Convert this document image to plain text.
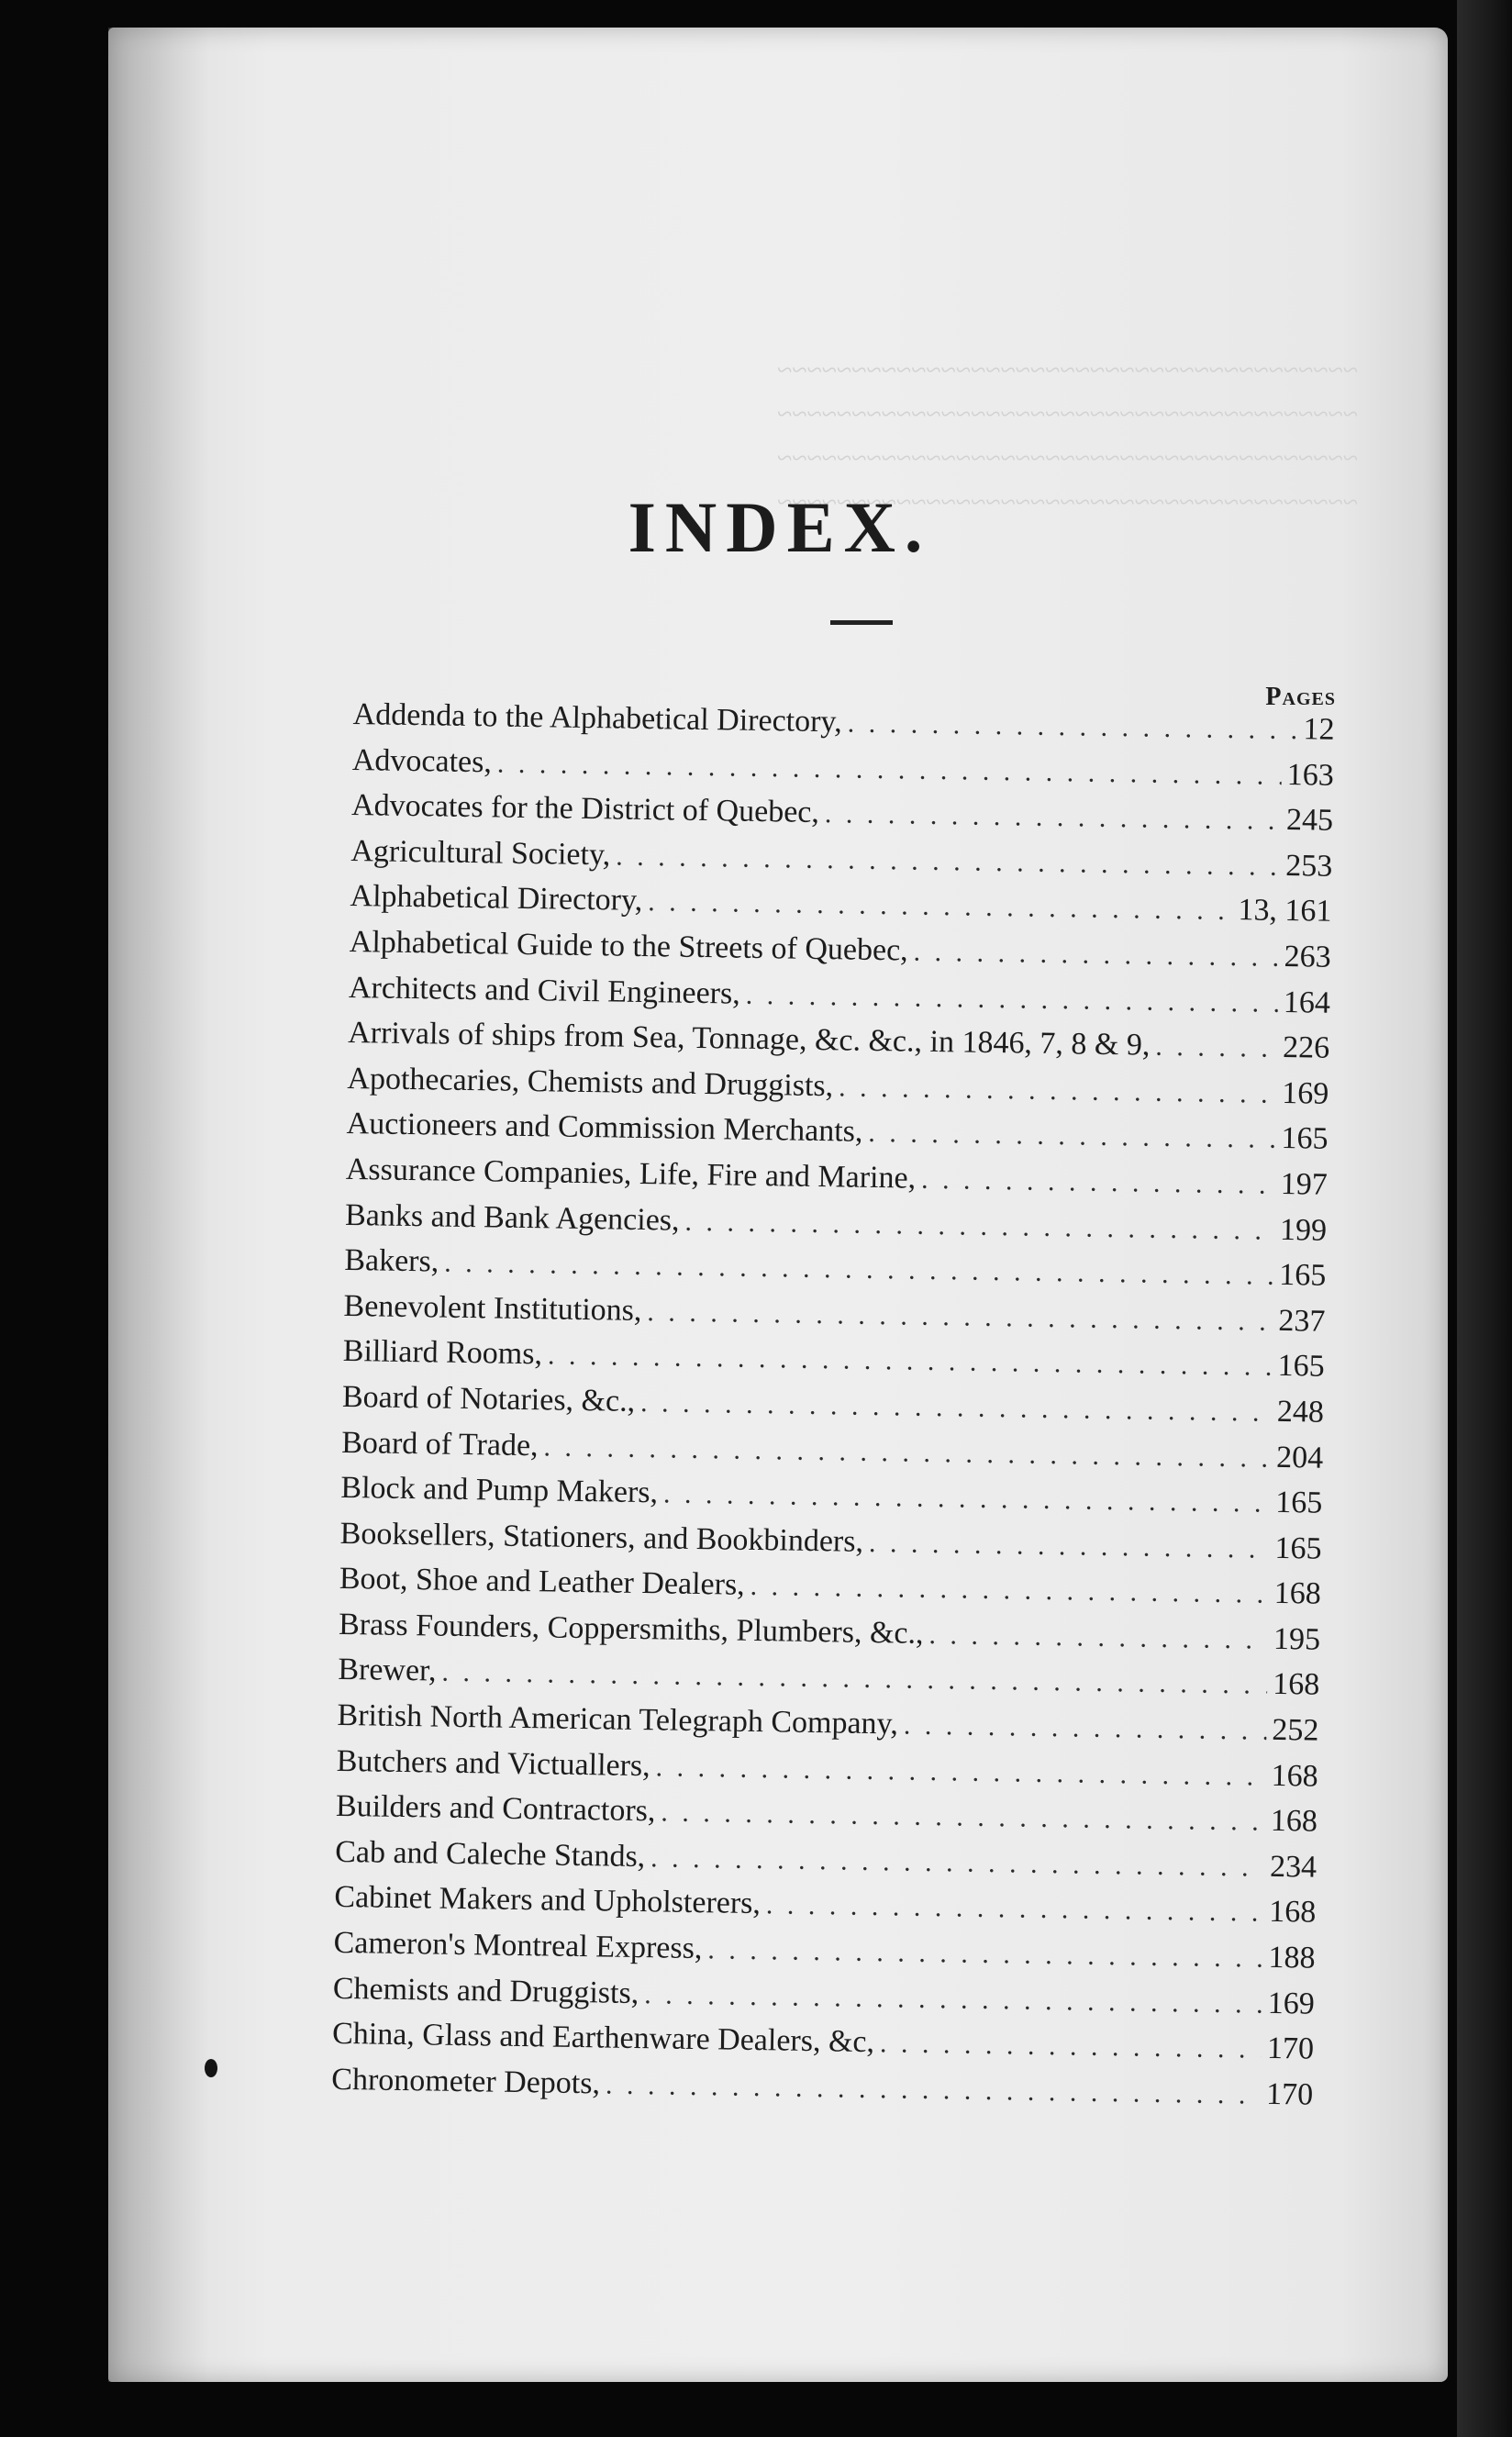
~~~~~~~~~~~~~~~~~~~~~~~~~~~~~~~~~~~~~~~
~~~~~~~~~~~~~~~~~~~~~~~~~~~~~~~~~~~~~~~
~~~~~~~~~~~~~~~~~~~~~~~~~~~~~~~~~~~~~~~
~~~~~~~~~~~~~~~~~~~~~~~~~~~~~~~~~~~~~~~
INDEX.
Pages
Addenda to the Alphabetical Directory, . . .	12
Advocates, . . .	163
Advocates for the District of Quebec, . . .	245
Agricultural Society, . . .	253
Alphabetical Directory, . . .	13, 161
Alphabetical Guide to the Streets of Quebec, . . .	263
Architects and Civil Engineers, . . .	164
Arrivals of ships from Sea, Tonnage, &c. &c., in 1846, 7, 8 & 9, . . .	226
Apothecaries, Chemists and Druggists, . . .	169
Auctioneers and Commission Merchants, . . .	165
Assurance Companies, Life, Fire and Marine, . . .	197
Banks and Bank Agencies, . . .	199
Bakers, . . .	165
Benevolent Institutions, . . .	237
Billiard Rooms, . . .	165
Board of Notaries, &c., . . .	248
Board of Trade, . . .	204
Block and Pump Makers, . . .	165
Booksellers, Stationers, and Bookbinders, . . .	165
Boot, Shoe and Leather Dealers, . . .	168
Brass Founders, Coppersmiths, Plumbers, &c., . . .	195
Brewer, . . .	168
British North American Telegraph Company, . . .	252
Butchers and Victuallers, . . .	168
Builders and Contractors, . . .	168
Cab and Caleche Stands, . . .	234
Cabinet Makers and Upholsterers, . . .	168
Cameron's Montreal Express, . . .	188
Chemists and Druggists, . . .	169
China, Glass and Earthenware Dealers, &c, . . .	170
Chronometer Depots, . . .	170
